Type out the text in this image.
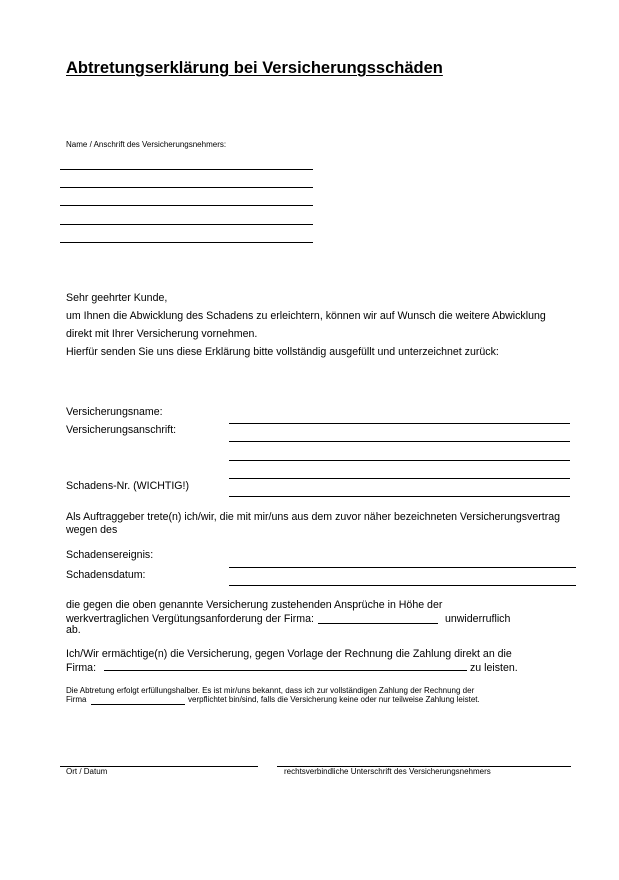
Abtretungserklärung bei Versicherungsschäden
Name / Anschrift des Versicherungsnehmers:
Sehr geehrter Kunde,
um Ihnen die Abwicklung des Schadens zu erleichtern, können wir auf Wunsch die weitere Abwicklung
direkt mit Ihrer Versicherung vornehmen.
Hierfür senden Sie uns diese Erklärung bitte vollständig ausgefüllt und unterzeichnet zurück:
Versicherungsname:
Versicherungsanschrift:
Schadens-Nr. (WICHTIG!)
Als Auftraggeber trete(n) ich/wir, die mit mir/uns aus dem zuvor näher bezeichneten Versicherungsvertrag
wegen des
Schadensereignis:
Schadensdatum:
die gegen die oben genannte Versicherung zustehenden Ansprüche in Höhe der
werkvertraglichen Vergütungsanforderung der Firma:	unwiderruflich
ab.
Ich/Wir ermächtige(n) die Versicherung, gegen Vorlage der Rechnung die Zahlung direkt an die
Firma:	zu leisten.
Die Abtretung erfolgt erfüllungshalber. Es ist mir/uns bekannt, dass ich zur vollständigen Zahlung der Rechnung der
Firma	verpflichtet bin/sind, falls die Versicherung keine oder nur teilweise Zahlung leistet.
Ort / Datum	rechtsverbindliche Unterschrift des Versicherungsnehmers
